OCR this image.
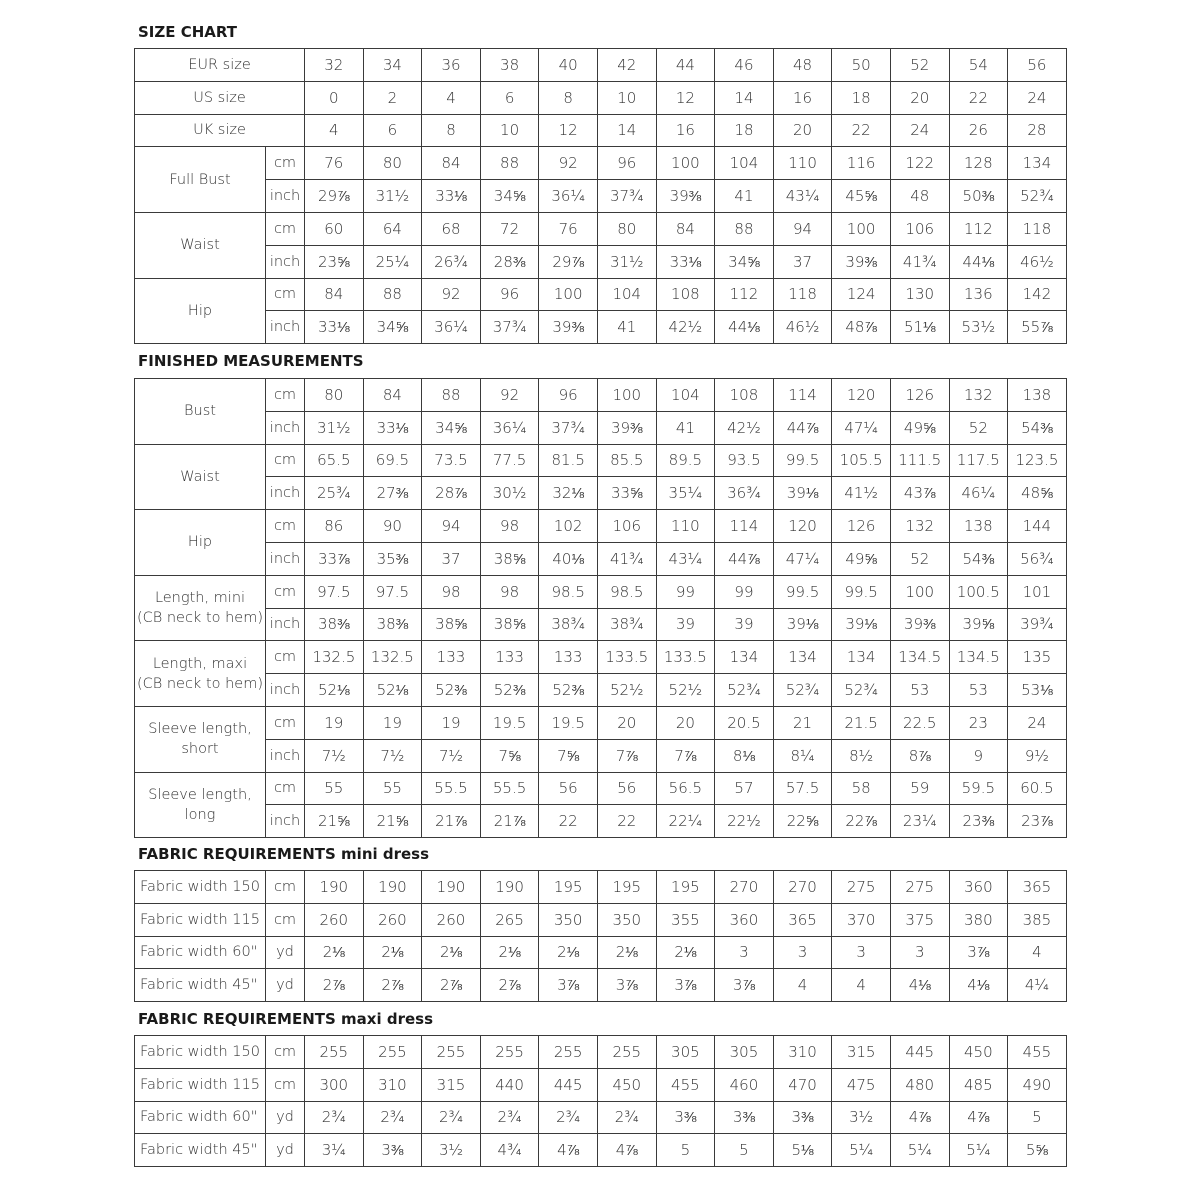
SIZE CHART
EUR size		32	34	36	38	40	42	44	46	48	50	52	54	56
US size		0	2	4	6	8	10	12	14	16	18	20	22	24
UK size		4	6	8	10	12	14	16	18	20	22	24	26	28
Full Bust	cm	76	80	84	88	92	96	100	104	110	116	122	128	134
	inch	29⅞	31½	33⅛	34⅝	36¼	37¾	39⅜	41	43¼	45⅝	48	50⅜	52¾
Waist	cm	60	64	68	72	76	80	84	88	94	100	106	112	118
	inch	23⅝	25¼	26¾	28⅜	29⅞	31½	33⅛	34⅝	37	39⅜	41¾	44⅛	46½
Hip	cm	84	88	92	96	100	104	108	112	118	124	130	136	142
	inch	33⅛	34⅝	36¼	37¾	39⅜	41	42½	44⅛	46½	48⅞	51⅛	53½	55⅞
FINISHED MEASUREMENTS
Bust	cm	80	84	88	92	96	100	104	108	114	120	126	132	138
	inch	31½	33⅛	34⅝	36¼	37¾	39⅜	41	42½	44⅞	47¼	49⅝	52	54⅜
Waist	cm	65.5	69.5	73.5	77.5	81.5	85.5	89.5	93.5	99.5	105.5	111.5	117.5	123.5
	inch	25¾	27⅜	28⅞	30½	32⅛	33⅝	35¼	36¾	39⅛	41½	43⅞	46¼	48⅝
Hip	cm	86	90	94	98	102	106	110	114	120	126	132	138	144
	inch	33⅞	35⅜	37	38⅝	40⅛	41¾	43¼	44⅞	47¼	49⅝	52	54⅜	56¾
Length, mini
(CB neck to hem)	cm	97.5	97.5	98	98	98.5	98.5	99	99	99.5	99.5	100	100.5	101
	inch	38⅜	38⅜	38⅝	38⅝	38¾	38¾	39	39	39⅛	39⅛	39⅜	39⅝	39¾
Length, maxi
(CB neck to hem)	cm	132.5	132.5	133	133	133	133.5	133.5	134	134	134	134.5	134.5	135
	inch	52⅛	52⅛	52⅜	52⅜	52⅜	52½	52½	52¾	52¾	52¾	53	53	53⅛
Sleeve length,
short	cm	19	19	19	19.5	19.5	20	20	20.5	21	21.5	22.5	23	24
	inch	7½	7½	7½	7⅝	7⅝	7⅞	7⅞	8⅛	8¼	8½	8⅞	9	9½
Sleeve length,
long	cm	55	55	55.5	55.5	56	56	56.5	57	57.5	58	59	59.5	60.5
	inch	21⅝	21⅝	21⅞	21⅞	22	22	22¼	22½	22⅝	22⅞	23¼	23⅜	23⅞
FABRIC REQUIREMENTS mini dress
Fabric width 150	cm	190	190	190	190	195	195	195	270	270	275	275	360	365
Fabric width 115	cm	260	260	260	265	350	350	355	360	365	370	375	380	385
Fabric width 60"	yd	2⅛	2⅛	2⅛	2⅛	2⅛	2⅛	2⅛	3	3	3	3	3⅞	4
Fabric width 45"	yd	2⅞	2⅞	2⅞	2⅞	3⅞	3⅞	3⅞	3⅞	4	4	4⅛	4⅛	4¼
FABRIC REQUIREMENTS maxi dress
Fabric width 150	cm	255	255	255	255	255	255	305	305	310	315	445	450	455
Fabric width 115	cm	300	310	315	440	445	450	455	460	470	475	480	485	490
Fabric width 60"	yd	2¾	2¾	2¾	2¾	2¾	2¾	3⅜	3⅜	3⅜	3½	4⅞	4⅞	5
Fabric width 45"	yd	3¼	3⅜	3½	4¾	4⅞	4⅞	5	5	5⅛	5¼	5¼	5¼	5⅝
